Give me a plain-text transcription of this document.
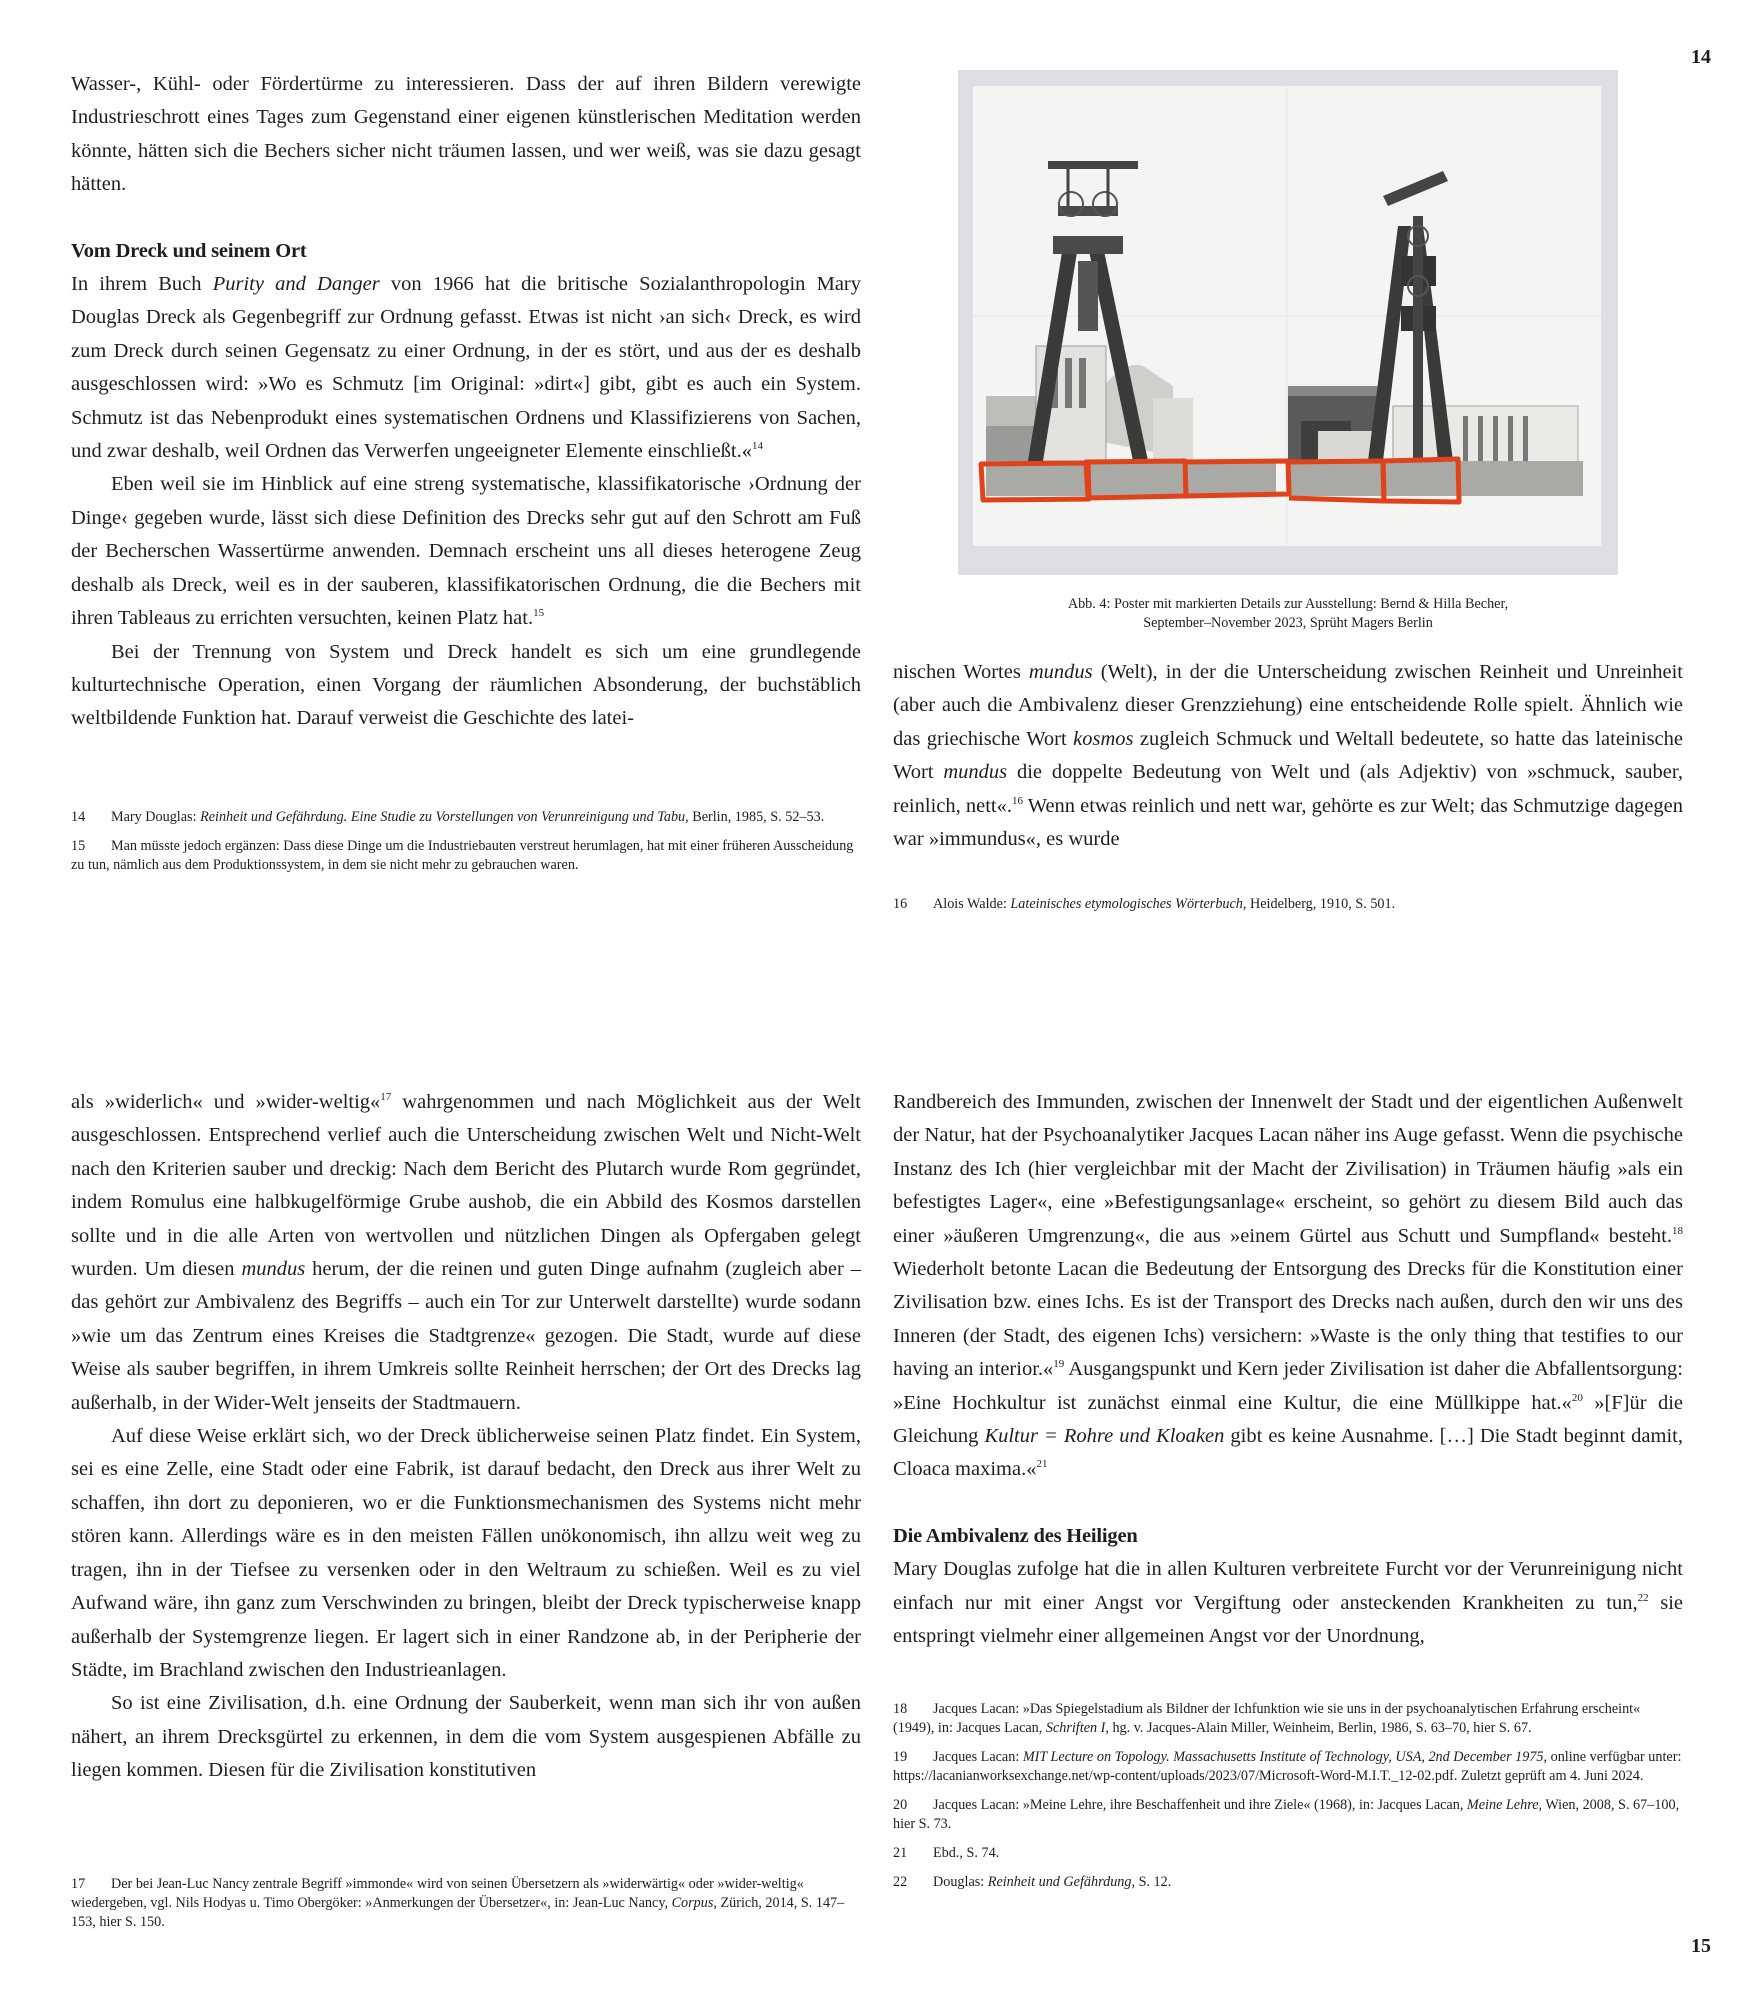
14

Wasser-, Kühl- oder Fördertürme zu interessieren. Dass der auf ihren Bildern verewigte Industrieschrott eines Tages zum Gegenstand einer eigenen künstlerischen Meditation werden könnte, hätten sich die Bechers sicher nicht träumen lassen, und wer weiß, was sie dazu gesagt hätten.

Vom Dreck und seinem Ort

In ihrem Buch Purity and Danger von 1966 hat die britische Sozialanthropologin Mary Douglas Dreck als Gegenbegriff zur Ordnung gefasst. Etwas ist nicht ›an sich‹ Dreck, es wird zum Dreck durch seinen Gegensatz zu einer Ordnung, in der es stört, und aus der es deshalb ausgeschlossen wird: »Wo es Schmutz [im Original: »dirt«] gibt, gibt es auch ein System. Schmutz ist das Nebenprodukt eines systematischen Ordnens und Klassifizierens von Sachen, und zwar deshalb, weil Ordnen das Verwerfen ungeeigneter Elemente einschließt.«$^{14}$

Eben weil sie im Hinblick auf eine streng systematische, klassifikatorische ›Ordnung der Dinge‹ gegeben wurde, lässt sich diese Definition des Drecks sehr gut auf den Schrott am Fuß der Becherschen Wassertürme anwenden. Demnach erscheint uns all dieses heterogene Zeug deshalb als Dreck, weil es in der sauberen, klassifikatorischen Ordnung, die die Bechers mit ihren Tableaus zu errichten versuchten, keinen Platz hat.$^{15}$

Bei der Trennung von System und Dreck handelt es sich um eine grundlegende kulturtechnische Operation, einen Vorgang der räumlichen Absonderung, der buchstäblich weltbildende Funktion hat. Darauf verweist die Geschichte des latei-

14 Mary Douglas: Reinheit und Gefährdung. Eine Studie zu Vorstellungen von Verunreinigung und Tabu, Berlin, 1985, S. 52–53.

15 Man müsste jedoch ergänzen: Dass diese Dinge um die Industriebauten verstreut herumlagen, hat mit einer früheren Ausscheidung zu tun, nämlich aus dem Produktionssystem, in dem sie nicht mehr zu gebrauchen waren.

Abb. 4: Poster mit markierten Details zur Ausstellung: Bernd & Hilla Becher,
September–November 2023, Sprüht Magers Berlin

nischen Wortes mundus (Welt), in der die Unterscheidung zwischen Reinheit und Unreinheit (aber auch die Ambivalenz dieser Grenzziehung) eine entscheidende Rolle spielt. Ähnlich wie das griechische Wort kosmos zugleich Schmuck und Weltall bedeutete, so hatte das lateinische Wort mundus die doppelte Bedeutung von Welt und (als Adjektiv) von »schmuck, sauber, reinlich, nett«.$^{16}$ Wenn etwas reinlich und nett war, gehörte es zur Welt; das Schmutzige dagegen war »immundus«, es wurde

16 Alois Walde: Lateinisches etymologisches Wörterbuch, Heidelberg, 1910, S. 501.

als »widerlich« und »wider-weltig«$^{17}$ wahrgenommen und nach Möglichkeit aus der Welt ausgeschlossen. Entsprechend verlief auch die Unterscheidung zwischen Welt und Nicht-Welt nach den Kriterien sauber und dreckig: Nach dem Bericht des Plutarch wurde Rom gegründet, indem Romulus eine halbkugelförmige Grube aushob, die ein Abbild des Kosmos darstellen sollte und in die alle Arten von wertvollen und nützlichen Dingen als Opfergaben gelegt wurden. Um diesen mundus herum, der die reinen und guten Dinge aufnahm (zugleich aber – das gehört zur Ambivalenz des Begriffs – auch ein Tor zur Unterwelt darstellte) wurde sodann »wie um das Zentrum eines Kreises die Stadtgrenze« gezogen. Die Stadt, wurde auf diese Weise als sauber begriffen, in ihrem Umkreis sollte Reinheit herrschen; der Ort des Drecks lag außerhalb, in der Wider-Welt jenseits der Stadtmauern.

Auf diese Weise erklärt sich, wo der Dreck üblicherweise seinen Platz findet. Ein System, sei es eine Zelle, eine Stadt oder eine Fabrik, ist darauf bedacht, den Dreck aus ihrer Welt zu schaffen, ihn dort zu deponieren, wo er die Funktionsmechanismen des Systems nicht mehr stören kann. Allerdings wäre es in den meisten Fällen unökonomisch, ihn allzu weit weg zu tragen, ihn in der Tiefsee zu versenken oder in den Weltraum zu schießen. Weil es zu viel Aufwand wäre, ihn ganz zum Verschwinden zu bringen, bleibt der Dreck typischerweise knapp außerhalb der Systemgrenze liegen. Er lagert sich in einer Randzone ab, in der Peripherie der Städte, im Brachland zwischen den Industrieanlagen.

So ist eine Zivilisation, d.h. eine Ordnung der Sauberkeit, wenn man sich ihr von außen nähert, an ihrem Drecksgürtel zu erkennen, in dem die vom System ausgespienen Abfälle zu liegen kommen. Diesen für die Zivilisation konstitutiven

17 Der bei Jean-Luc Nancy zentrale Begriff »immonde« wird von seinen Übersetzern als »widerwärtig« oder »wider-weltig« wiedergeben, vgl. Nils Hodyas u. Timo Obergöker: »Anmerkungen der Übersetzer«, in: Jean-Luc Nancy, Corpus, Zürich, 2014, S. 147–153, hier S. 150.

Randbereich des Immunden, zwischen der Innenwelt der Stadt und der eigentlichen Außenwelt der Natur, hat der Psychoanalytiker Jacques Lacan näher ins Auge gefasst. Wenn die psychische Instanz des Ich (hier vergleichbar mit der Macht der Zivilisation) in Träumen häufig »als ein befestigtes Lager«, eine »Befestigungsanlage« erscheint, so gehört zu diesem Bild auch das einer »äußeren Umgrenzung«, die aus »einem Gürtel aus Schutt und Sumpfland« besteht.$^{18}$ Wiederholt betonte Lacan die Bedeutung der Entsorgung des Drecks für die Konstitution einer Zivilisation bzw. eines Ichs. Es ist der Transport des Drecks nach außen, durch den wir uns des Inneren (der Stadt, des eigenen Ichs) versichern: »Waste is the only thing that testifies to our having an interior.«$^{19}$ Ausgangspunkt und Kern jeder Zivilisation ist daher die Abfallentsorgung: »Eine Hochkultur ist zunächst einmal eine Kultur, die eine Müllkippe hat.«$^{20}$ »[F]ür die Gleichung Kultur = Rohre und Kloaken gibt es keine Ausnahme. […] Die Stadt beginnt damit, Cloaca maxima.«$^{21}$

Die Ambivalenz des Heiligen

Mary Douglas zufolge hat die in allen Kulturen verbreitete Furcht vor der Verunreinigung nicht einfach nur mit einer Angst vor Vergiftung oder ansteckenden Krankheiten zu tun,$^{22}$ sie entspringt vielmehr einer allgemeinen Angst vor der Unordnung,

18 Jacques Lacan: »Das Spiegelstadium als Bildner der Ichfunktion wie sie uns in der psychoanalytischen Erfahrung erscheint« (1949), in: Jacques Lacan, Schriften I, hg. v. Jacques-Alain Miller, Weinheim, Berlin, 1986, S. 63–70, hier S. 67.

19 Jacques Lacan: MIT Lecture on Topology. Massachusetts Institute of Technology, USA, 2nd December 1975, online verfügbar unter: https://lacanianworksexchange.net/wp-content/uploads/2023/07/Microsoft-Word-M.I.T._12-02.pdf. Zuletzt geprüft am 4. Juni 2024.

20 Jacques Lacan: »Meine Lehre, ihre Beschaffenheit und ihre Ziele« (1968), in: Jacques Lacan, Meine Lehre, Wien, 2008, S. 67–100, hier S. 73.

21 Ebd., S. 74.

22 Douglas: Reinheit und Gefährdung, S. 12.

15
